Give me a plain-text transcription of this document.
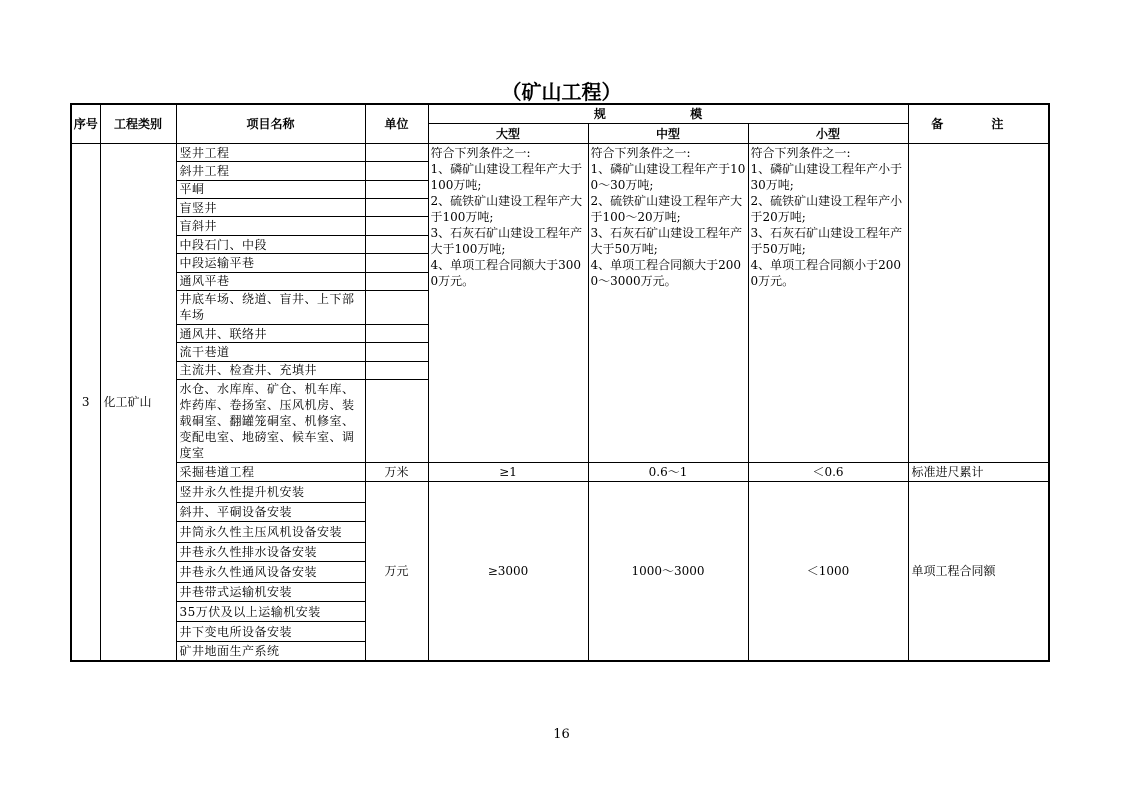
（矿山工程）
序号	工程类别	项目名称	单位	规 模			备 注
				大型	中型	小型	
3	化工矿山	竖井工程		符合下列条件之一:
1、磷矿山建设工程年产大于100万吨;
2、硫铁矿山建设工程年产大于100万吨;
3、石灰石矿山建设工程年产大于100万吨;
4、单项工程合同额大于3000万元。	符合下列条件之一:
1、磷矿山建设工程年产于100～30万吨;
2、硫铁矿山建设工程年产大于100～20万吨;
3、石灰石矿山建设工程年产大于50万吨;
4、单项工程合同额大于2000～3000万元。	符合下列条件之一:
1、磷矿山建设工程年产小于30万吨;
2、硫铁矿山建设工程年产小于20万吨;
3、石灰石矿山建设工程年产于50万吨;
4、单项工程合同额小于2000万元。	
		斜井工程					
		平峒					
		盲竖井					
		盲斜井					
		中段石门、中段					
		中段运输平巷					
		通风平巷					
		井底车场、绕道、盲井、上下部车场					
		通风井、联络井					
		流干巷道					
		主流井、检查井、充填井					
		水仓、水库库、矿仓、机车库、炸药库、卷扬室、压风机房、装载硐室、翻罐笼硐室、机修室、变配电室、地磅室、候车室、调度室					
		采掘巷道工程	万米	≥1	0.6～1	＜0.6	标准进尺累计
		竖井永久性提升机安装	万元	≥3000	1000～3000	＜1000	单项工程合同额
		斜井、平硐设备安装					
		井筒永久性主压风机设备安装					
		井巷永久性排水设备安装					
		井巷永久性通风设备安装					
		井巷带式运输机安装					
		35万伏及以上运输机安装					
		井下变电所设备安装					
		矿井地面生产系统					
16
